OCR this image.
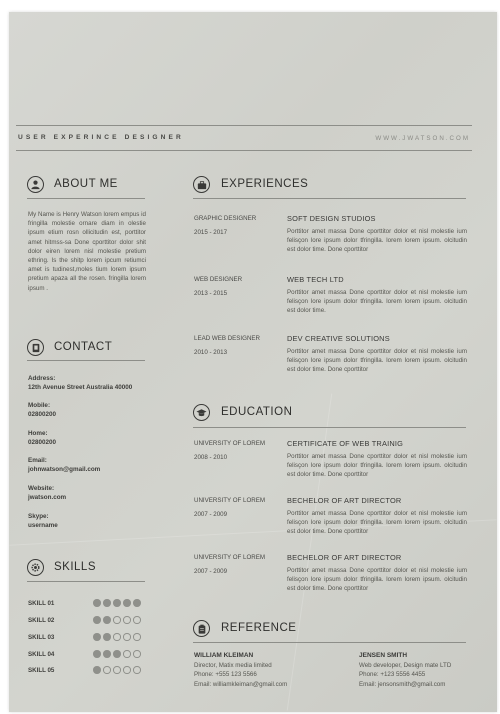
USER EXPERINCE DESIGNER	WWW.JWATSON.COM
ABOUT ME
My Name is Henry Watson lorem empus id fringilla molestie ornare diam in olestie ipsum etium rosn ollicitudin est, porttitor amet hitmss-sa Done cporttitor dolor shit dolor eiren lorem nisl molestie pretium ethring. Is the shitp lorem ipcum retiumci amet is tudinest,moles tium lorem ipsum pretium apaza all the rosen. fringilla lorem ipsum .
CONTACT
Address:
12th Avenue Street Australia 40000
Mobile:
02800200
Home:
02800200
Email:
johnwatson@gmail.com
Website:
jwatson.com
Skype:
username
SKILLS
SKILL 01
SKILL 02
SKILL 03
SKILL 04
SKILL 05
EXPERIENCES
GRAPHIC DESIGNER
2015 - 2017
SOFT DESIGN STUDIOS
Porttitor amet massa Done cporttitor dolor et nisl molestie ium felisçon lore ipsum dolor tfringilla. lorem lorem ipsum. olcitudin est dolor time. Done cporttitor
WEB DESIGNER
2013 - 2015
WEB TECH LTD
Porttitor amet massa Done cporttitor dolor et nisl molestie ium felisçon lore ipsum dolor tfringilla. lorem lorem ipsum. olcitudin est dolor time.
LEAD WEB DESIGNER
2010 - 2013
DEV CREATIVE SOLUTIONS
Porttitor amet massa Done cporttitor dolor et nisl molestie ium felisçon lore ipsum dolor tfringilla. lorem lorem ipsum. olcitudin est dolor time. Done cporttitor
EDUCATION
UNIVERSITY OF LOREM
2008 - 2010
CERTIFICATE OF WEB TRAINIG
Porttitor amet massa Done cporttitor dolor et nisl molestie ium felisçon lore ipsum dolor tfringilla. lorem lorem ipsum. olcitudin est dolor time. Done cporttitor
UNIVERSITY OF LOREM
2007 - 2009
BECHELOR OF ART DIRECTOR
Porttitor amet massa Done cporttitor dolor et nisl molestie ium felisçon lore ipsum dolor tfringilla. lorem lorem ipsum. olcitudin est dolor time. Done cporttitor
UNIVERSITY OF LOREM
2007 - 2009
BECHELOR OF ART DIRECTOR
Porttitor amet massa Done cporttitor dolor et nisl molestie ium felisçon lore ipsum dolor tfringilla. lorem lorem ipsum. olcitudin est dolor time. Done cporttitor
REFERENCE
WILLIAM KLEIMAN
Director, Matix media limited
Phone: +555 123 5566
Email: williamkleiman@gmail.com
JENSEN SMITH
Web developer, Design mate LTD
Phone: +123 5556 4455
Email: jensonsmith@gmail.com
